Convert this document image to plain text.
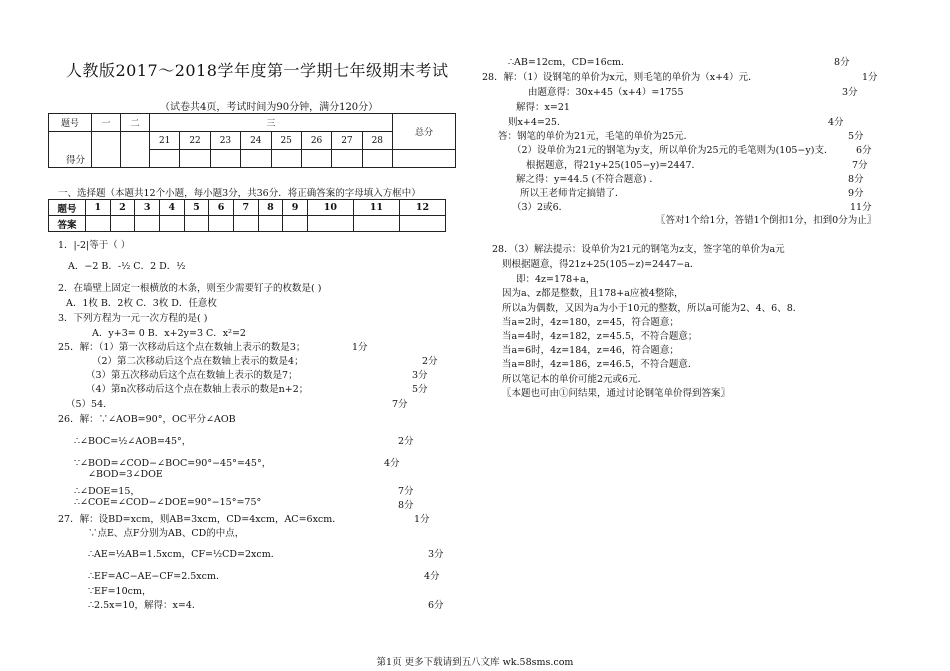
人教版2017～2018学年度第一学期七年级期末考试
（试卷共4页，考试时间为90分钟，满分120分）
题号	一	二	三								总分
			21	22	23	24	25	26	27	28	

得分
一、选择题（本题共12个小题，每小题3分，共36分．将正确答案的字母填入方框中）
题号	1	2	3	4	5	6	7	8	9	10	11	12
答案												
1．|-2|等于（ ）
A．−2 B．-½ C．2 D．½
2．在墙壁上固定一根横放的木条，则至少需要钉子的枚数是( )
A．1枚 B．2枚 C．3枚 D．任意枚
3．下列方程为一元一次方程的是( )
A．y+3= 0 B．x+2y=3 C．x²=2
25．解：（1）第一次移动后这个点在数轴上表示的数是3；	1分
（2）第二次移动后这个点在数轴上表示的数是4；	2分
（3）第五次移动后这个点在数轴上表示的数是7；	3分
（4）第n次移动后这个点在数轴上表示的数是n+2；	5分
（5）54.	7分
26．解：∵∠AOB=90°，OC平分∠AOB
∴∠BOC=½∠AOB=45°，	2分
∵∠BOD=∠COD−∠BOC=90°−45°=45°，	4分
∠BOD=3∠DOE
∴∠DOE=15，	7分
∴∠COE=∠COD−∠DOE=90°−15°=75°	8分
27．解：设BD=xcm，则AB=3xcm，CD=4xcm，AC=6xcm．	1分
∵点E、点F分别为AB、CD的中点，
∴AE=½AB=1.5xcm，CF=½CD=2xcm．	3分
∴EF=AC−AE−CF=2.5xcm．	4分
∵EF=10cm，
∴2.5x=10，解得：x=4．	6分
∴AB=12cm，CD=16cm．	8分
28．解：（1）设钢笔的单价为x元，则毛笔的单价为（x+4）元．	1分
由题意得：30x+45（x+4）=1755	3分
解得：x=21
则x+4=25.	4分
答：钢笔的单价为21元，毛笔的单价为25元．	5分
（2）设单价为21元的钢笔为y支，所以单价为25元的毛笔则为(105−y)支． 6分
根据题意，得21y+25(105−y)=2447．	7分
解之得：y=44.5 (不符合题意) ．	8分
所以王老师肯定搞错了．	9分
（3）2或6．	11分
〖答对1个给1分，答错1个倒扣1分，扣到0分为止〗
28．（3）解法提示：设单价为21元的钢笔为z支，签字笔的单价为a元
则根据题意，得21z+25(105−z)=2447−a．
即：4z=178+a，
因为a、z都是整数，且178+a应被4整除，
所以a为偶数，又因为a为小于10元的整数，所以a可能为2、4、6、8．
当a=2时，4z=180，z=45，符合题意；
当a=4时，4z=182，z=45.5，不符合题意；
当a=6时，4z=184，z=46，符合题意；
当a=8时，4z=186，z=46.5，不符合题意．
所以笔记本的单价可能2元或6元．
〖本题也可由①问结果，通过讨论钢笔单价得到答案〗
第1页 更多下载请到五八文库 wk.58sms.com
